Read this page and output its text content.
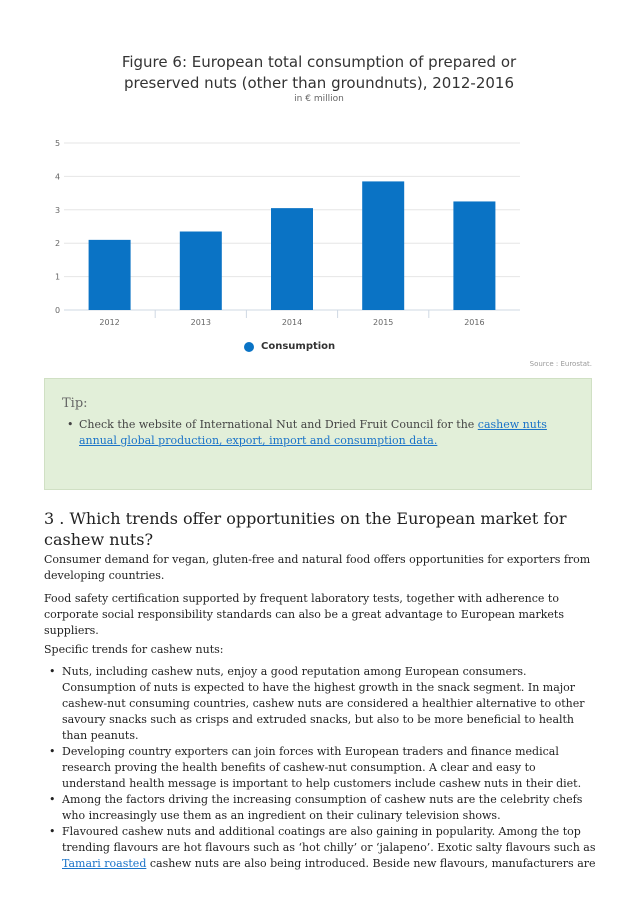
0
1
2
3
4
5
2012	2013	2014	2015	2016
Figure 6: European total consumption of prepared or
preserved nuts (other than groundnuts), 2012-2016
in € million
Consumption
Source : Eurostat.
Tip:
• Check the website of International Nut and Dried Fruit Council for the cashew nuts annual global production, export, import and consumption data.
3 . Which trends offer opportunities on the European market for cashew nuts?
Consumer demand for vegan, gluten-free and natural food offers opportunities for exporters from developing countries.
Food safety certification supported by frequent laboratory tests, together with adherence to corporate social responsibility standards can also be a great advantage to European markets suppliers.
Specific trends for cashew nuts:
• Nuts, including cashew nuts, enjoy a good reputation among European consumers. Consumption of nuts is expected to have the highest growth in the snack segment. In major cashew-nut consuming countries, cashew nuts are considered a healthier alternative to other savoury snacks such as crisps and extruded snacks, but also to be more beneficial to health than peanuts.
• Developing country exporters can join forces with European traders and finance medical research proving the health benefits of cashew-nut consumption. A clear and easy to understand health message is important to help customers include cashew nuts in their diet.
• Among the factors driving the increasing consumption of cashew nuts are the celebrity chefs who increasingly use them as an ingredient on their culinary television shows.
• Flavoured cashew nuts and additional coatings are also gaining in popularity. Among the top trending flavours are hot flavours such as ‘hot chilly’ or ‘jalapeno’. Exotic salty flavours such as Tamari roasted cashew nuts are also being introduced. Beside new flavours, manufacturers are
